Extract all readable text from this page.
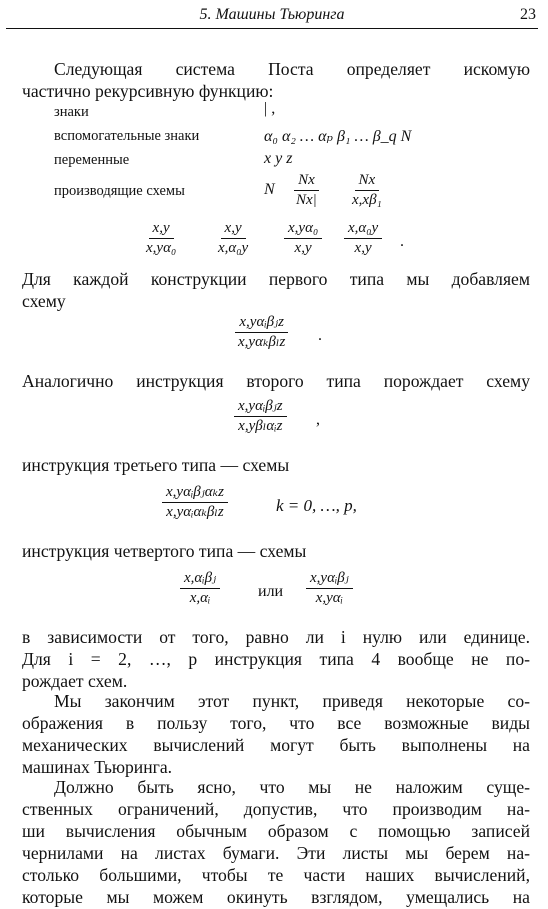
5. Машины Тьюринга	23
Следующая система Поста определяет искомую
частично рекурсивную функцию:
знаки	| ,
вспомогательные знаки	α₀ α₂ … αₚ β₁ … β_q N
переменные	x y z
производящие схемы	N $\frac{Nx}{Nx|} \frac{Nx}{\text{x,xβ₁}}$
$\frac{x,y}{\text{x,yα₀}} \frac{x,y}{\text{x,α₀y}} \frac{\text{x,yα₀}}{x,y} \frac{\text{x,α₀y}}{x,y}$ .
Для каждой конструкции первого типа мы добавляем
схему
x,yαᵢβⱼz
x,yαₖβₗz .
Аналогично инструкция второго типа порождает схему
x,yαᵢβⱼz
x,yβₗαᵢz ,
инструкция третьего типа — схемы
x,yαᵢβⱼαₖz
x,yαᵢαₖβₗz	k = 0, …, p,
инструкция четвертого типа — схемы
x,αᵢβⱼ
x,αᵢ	или
x,yαᵢβⱼ
x,yαᵢ
в зависимости от того, равно ли i нулю или единице.
Для i = 2, …, p инструкция типа 4 вообще не по-
рождает схем.
Мы закончим этот пункт, приведя некоторые со-
ображения в пользу того, что все возможные виды
механических вычислений могут быть выполнены на
машинах Тьюринга.
Должно быть ясно, что мы не наложим суще-
ственных ограничений, допустив, что производим на-
ши вычисления обычным образом с помощью записей
чернилами на листах бумаги. Эти листы мы берем на-
столько большими, чтобы те части наших вычислений,
которые мы можем окинуть взглядом, умещались на
